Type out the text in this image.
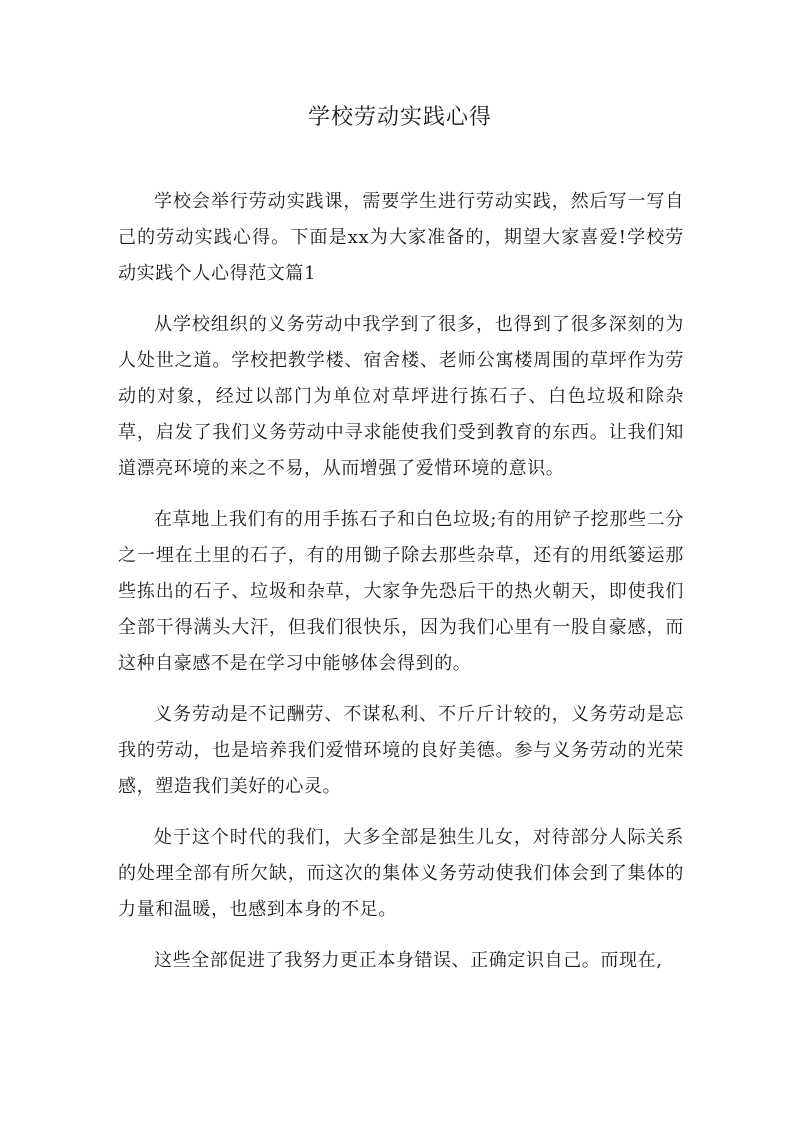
学校劳动实践心得

学校会举行劳动实践课，需要学生进行劳动实践，然后写一写自己的劳动实践心得。下面是xx为大家准备的，期望大家喜爱!学校劳动实践个人心得范文篇1

从学校组织的义务劳动中我学到了很多，也得到了很多深刻的为人处世之道。学校把教学楼、宿舍楼、老师公寓楼周围的草坪作为劳动的对象，经过以部门为单位对草坪进行拣石子、白色垃圾和除杂草，启发了我们义务劳动中寻求能使我们受到教育的东西。让我们知道漂亮环境的来之不易，从而增强了爱惜环境的意识。

在草地上我们有的用手拣石子和白色垃圾;有的用铲子挖那些二分之一埋在土里的石子，有的用锄子除去那些杂草，还有的用纸篓运那些拣出的石子、垃圾和杂草，大家争先恐后干的热火朝天，即使我们全部干得满头大汗，但我们很快乐，因为我们心里有一股自豪感，而这种自豪感不是在学习中能够体会得到的。

义务劳动是不记酬劳、不谋私利、不斤斤计较的，义务劳动是忘我的劳动，也是培养我们爱惜环境的良好美德。参与义务劳动的光荣感，塑造我们美好的心灵。

处于这个时代的我们，大多全部是独生儿女，对待部分人际关系的处理全部有所欠缺，而这次的集体义务劳动使我们体会到了集体的力量和温暖，也感到本身的不足。

这些全部促进了我努力更正本身错误、正确定识自己。而现在,
